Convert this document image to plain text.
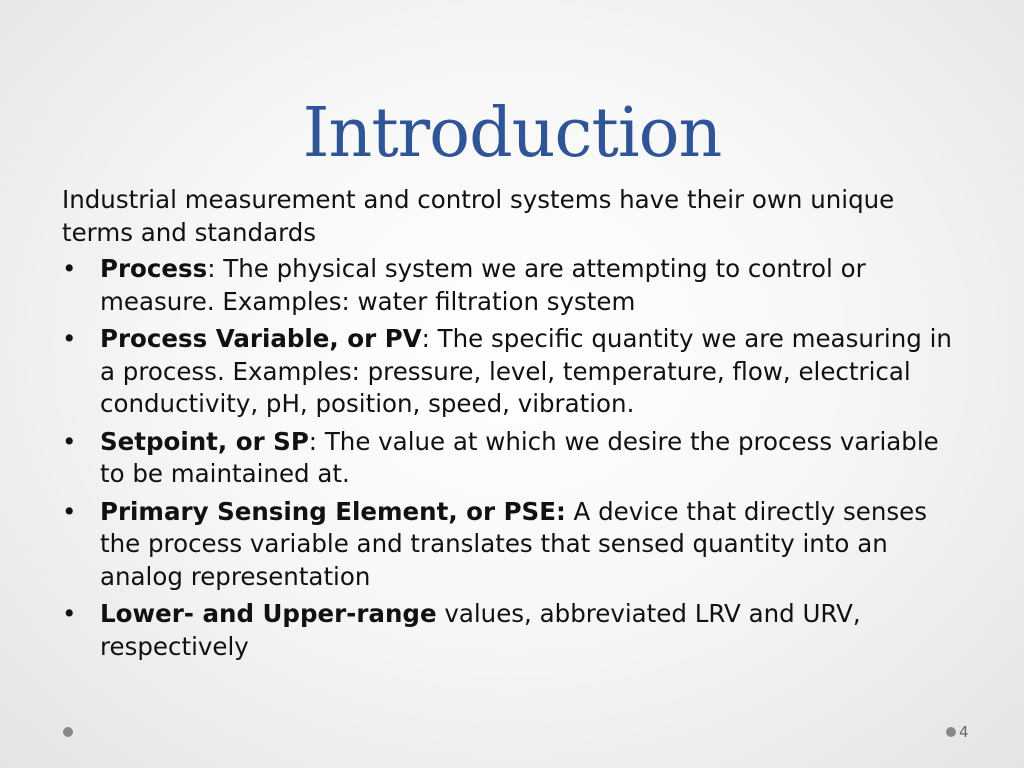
Introduction

Industrial measurement and control systems have their own unique terms and standards

• Process: The physical system we are attempting to control or measure. Examples: water filtration system
• Process Variable, or PV: The specific quantity we are measuring in a process. Examples: pressure, level, temperature, flow, electrical conductivity, pH, position, speed, vibration.
• Setpoint, or SP: The value at which we desire the process variable to be maintained at.
• Primary Sensing Element, or PSE: A device that directly senses the process variable and translates that sensed quantity into an analog representation
• Lower- and Upper-range values, abbreviated LRV and URV, respectively
4
